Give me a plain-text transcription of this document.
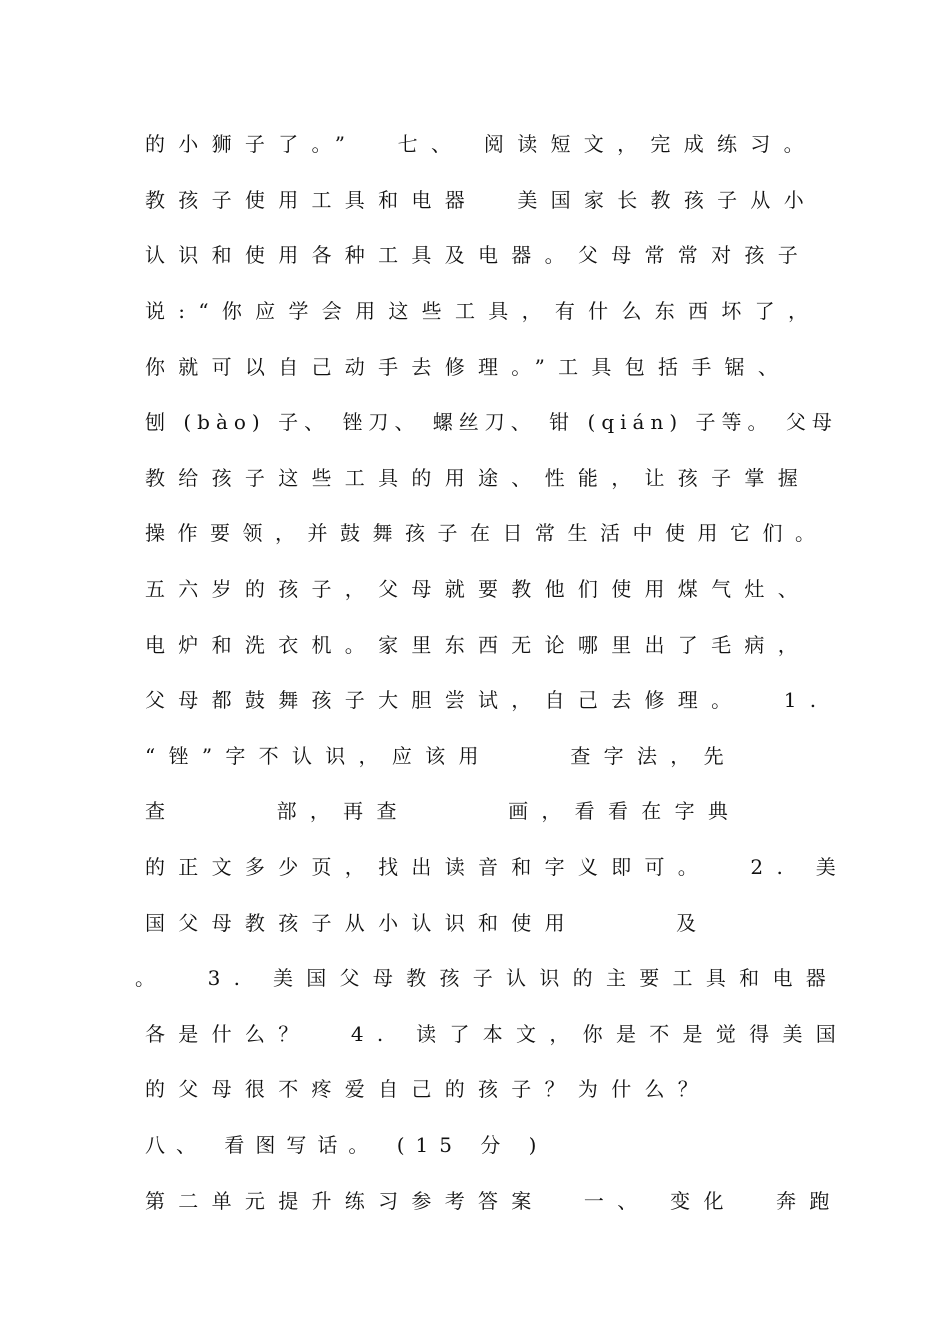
的小狮子了。”  七、 阅读短文，完成练习。
教孩子使用工具和电器  美国家长教孩子从小
认识和使用各种工具及电器。父母常常对孩子
说:“你应学会用这些工具，有什么东西坏了，
你就可以自己动手去修理。”工具包括手锯、
刨 (bào) 子、 锉刀、 螺丝刀、 钳 (qián) 子等。 父母
教给孩子这些工具的用途、性能，让孩子掌握
操作要领，并鼓舞孩子在日常生活中使用它们。
五六岁的孩子，父母就要教他们使用煤气灶、
电炉和洗衣机。家里东西无论哪里出了毛病，
父母都鼓舞孩子大胆尝试，自己去修理。  1.
“锉”字不认识，应该用    查字法，先
查     部，再查     画，看看在字典
的正文多少页，找出读音和字义即可。  2. 美
国父母教孩子从小认识和使用     及
。  3. 美国父母教孩子认识的主要工具和电器
各是什么？  4. 读了本文，你是不是觉得美国
的父母很不疼爱自己的孩子？为什么？
八、 看图写话。 (15 分 )
第二单元提升练习参考答案  一、 变化  奔跑
